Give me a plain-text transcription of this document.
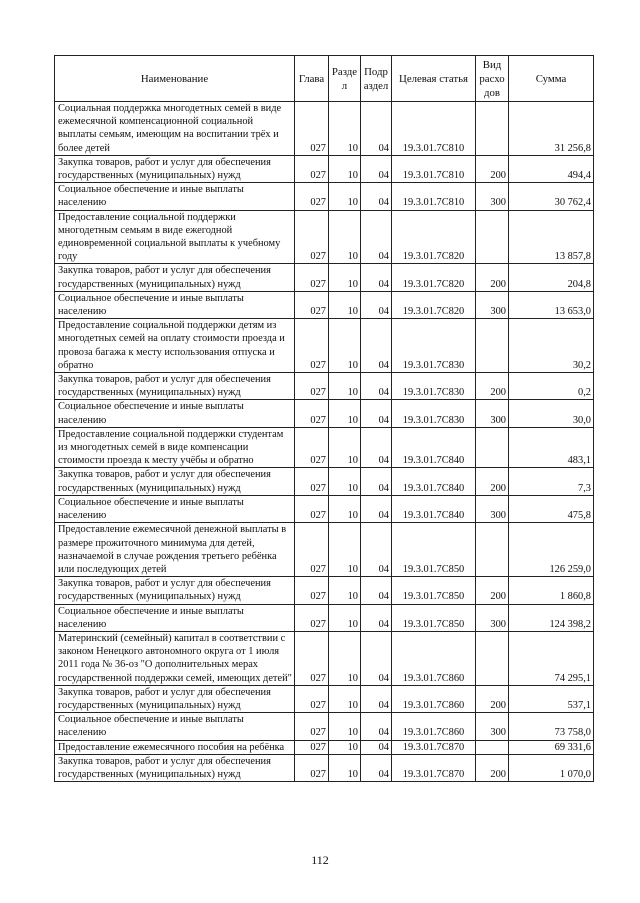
Наименование	Глава	Разде л	Подр аздел	Целевая статья	Вид расхо дов	Сумма
Социальная поддержка многодетных семей в виде ежемесячной компенсационной социальной выплаты семьям, имеющим на воспитании трёх и более детей	027	10	04	19.3.01.7С810		31 256,8
Закупка товаров, работ и услуг для обеспечения государственных (муниципальных) нужд	027	10	04	19.3.01.7С810	200	494,4
Социальное обеспечение и иные выплаты населению	027	10	04	19.3.01.7С810	300	30 762,4
Предоставление социальной поддержки многодетным семьям в виде ежегодной единовременной социальной выплаты к учебному году	027	10	04	19.3.01.7С820		13 857,8
Закупка товаров, работ и услуг для обеспечения государственных (муниципальных) нужд	027	10	04	19.3.01.7С820	200	204,8
Социальное обеспечение и иные выплаты населению	027	10	04	19.3.01.7С820	300	13 653,0
Предоставление социальной поддержки детям из многодетных семей на оплату стоимости проезда и провоза багажа к месту использования отпуска и обратно	027	10	04	19.3.01.7С830		30,2
Закупка товаров, работ и услуг для обеспечения государственных (муниципальных) нужд	027	10	04	19.3.01.7С830	200	0,2
Социальное обеспечение и иные выплаты населению	027	10	04	19.3.01.7С830	300	30,0
Предоставление социальной поддержки студентам из многодетных семей в виде компенсации стоимости проезда к месту учёбы и обратно	027	10	04	19.3.01.7С840		483,1
Закупка товаров, работ и услуг для обеспечения государственных (муниципальных) нужд	027	10	04	19.3.01.7С840	200	7,3
Социальное обеспечение и иные выплаты населению	027	10	04	19.3.01.7С840	300	475,8
Предоставление ежемесячной денежной выплаты в размере прожиточного минимума для детей, назначаемой в случае рождения третьего ребёнка или последующих детей	027	10	04	19.3.01.7С850		126 259,0
Закупка товаров, работ и услуг для обеспечения государственных (муниципальных) нужд	027	10	04	19.3.01.7С850	200	1 860,8
Социальное обеспечение и иные выплаты населению	027	10	04	19.3.01.7С850	300	124 398,2
Материнский (семейный) капитал в соответствии с законом Ненецкого автономного округа от 1 июля 2011 года № 36-оз "О дополнительных мерах государственной поддержки семей, имеющих детей"	027	10	04	19.3.01.7С860		74 295,1
Закупка товаров, работ и услуг для обеспечения государственных (муниципальных) нужд	027	10	04	19.3.01.7С860	200	537,1
Социальное обеспечение и иные выплаты населению	027	10	04	19.3.01.7С860	300	73 758,0
Предоставление ежемесячного пособия на ребёнка	027	10	04	19.3.01.7С870		69 331,6
Закупка товаров, работ и услуг для обеспечения государственных (муниципальных) нужд	027	10	04	19.3.01.7С870	200	1 070,0
112
